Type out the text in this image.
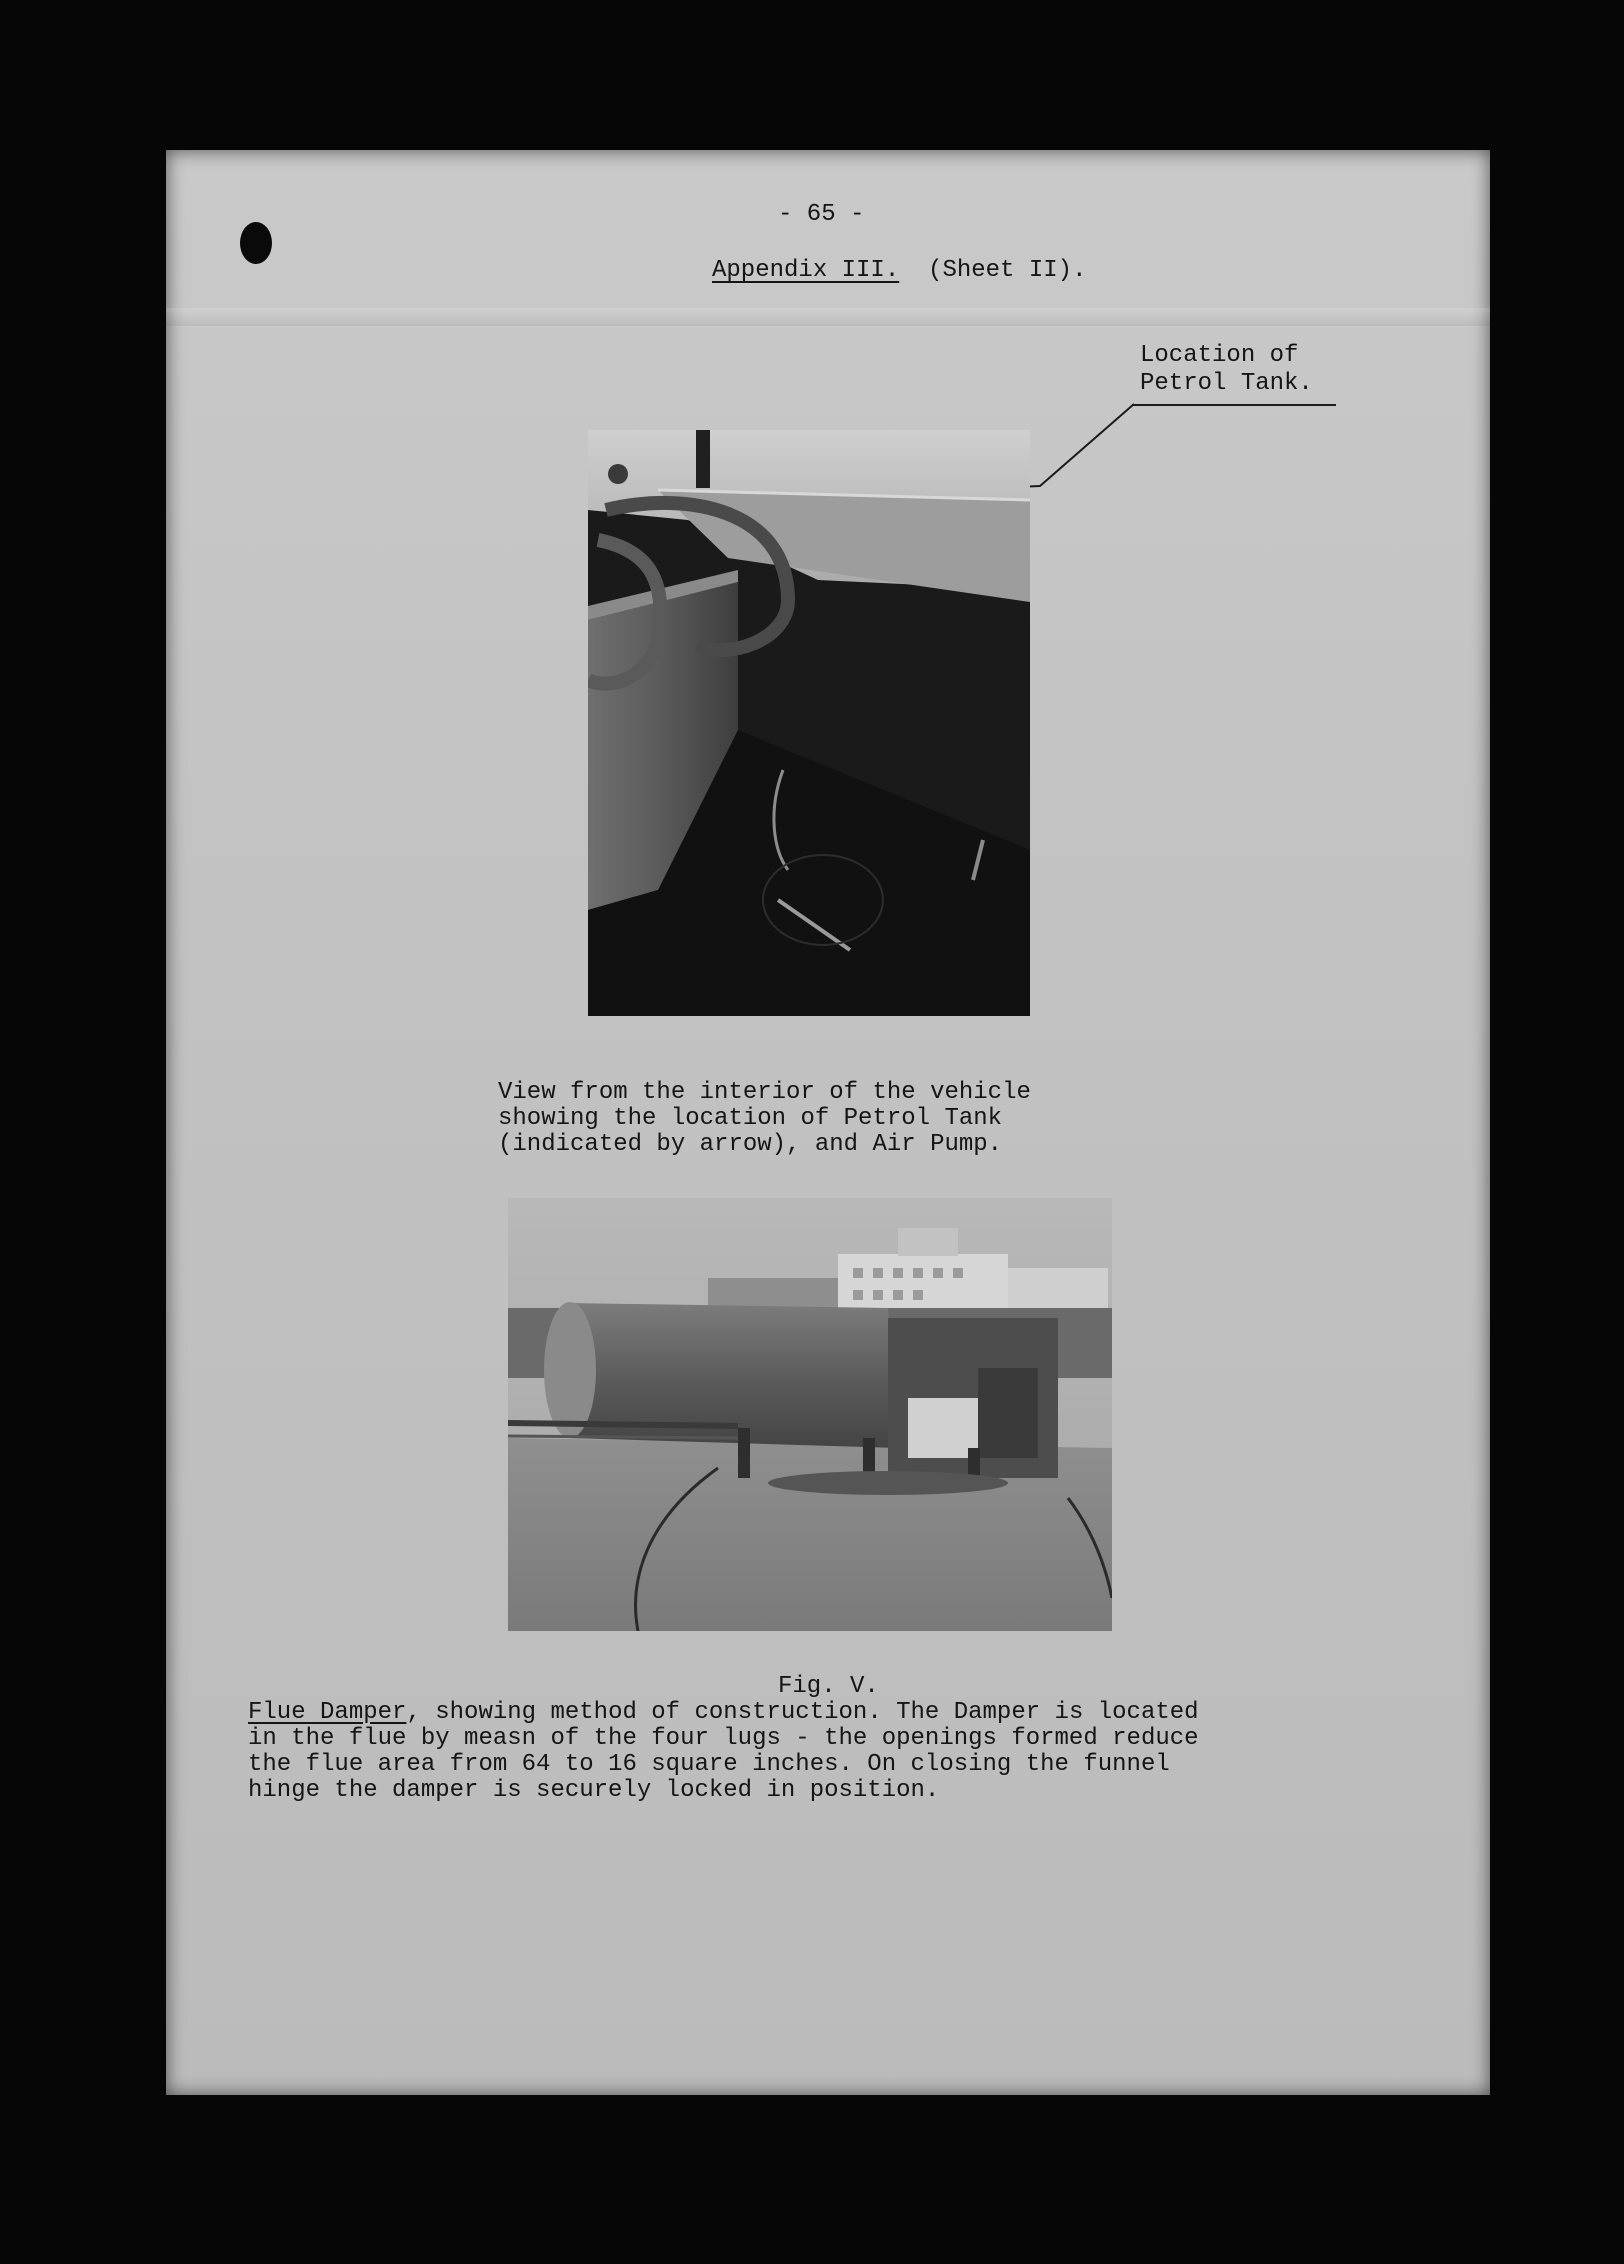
- 65 -

Appendix III. (Sheet II).

Location of
Petrol Tank.

View from the interior of the vehicle
showing the location of Petrol Tank
(indicated by arrow), and Air Pump.

Fig. V.

Flue Damper, showing method of construction. The Damper is located
in the flue by measn of the four lugs - the openings formed reduce
the flue area from 64 to 16 square inches. On closing the funnel
hinge the damper is securely locked in position.
